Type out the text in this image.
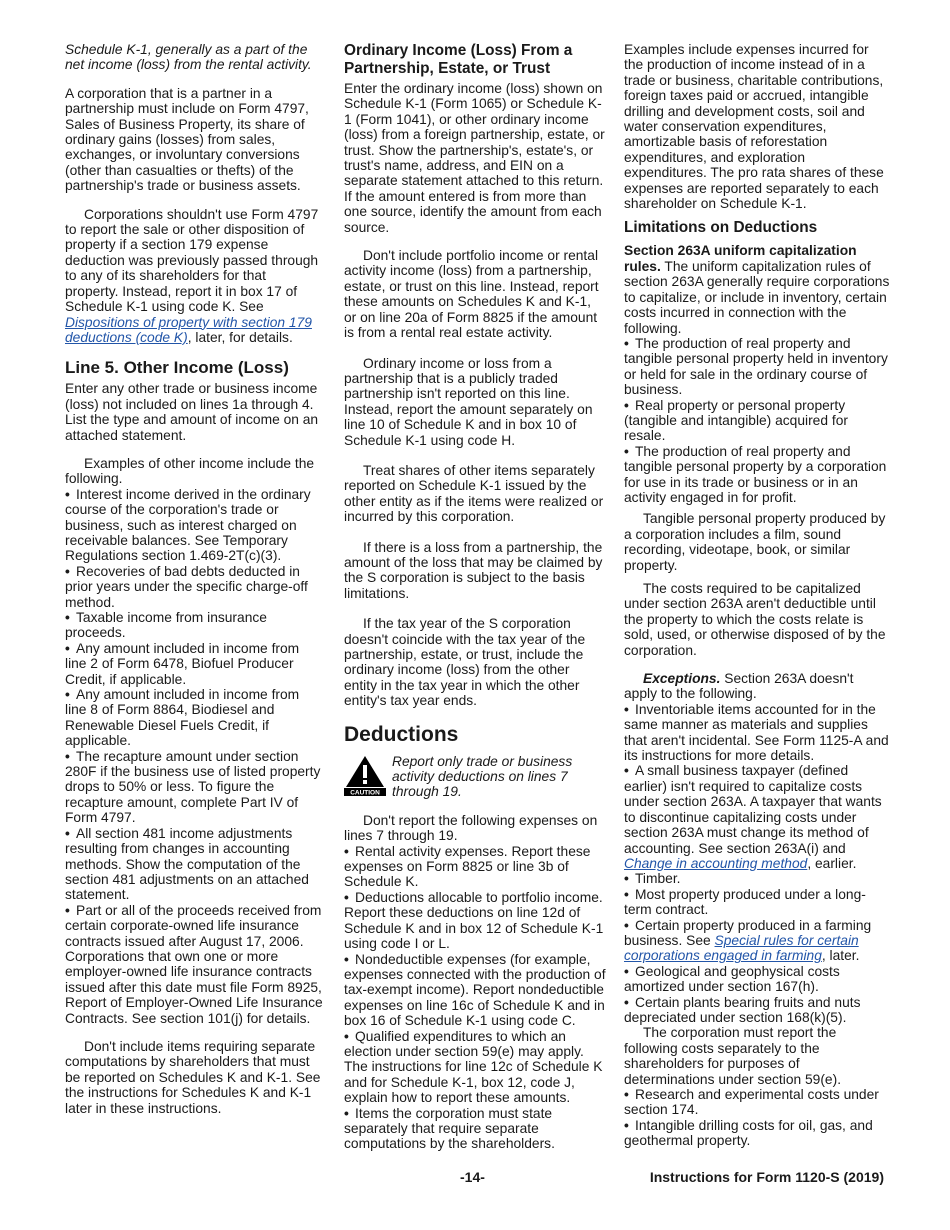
Schedule K-1, generally as a part of the net income (loss) from the rental activity.

A corporation that is a partner in a partnership must include on Form 4797, Sales of Business Property, its share of ordinary gains (losses) from sales, exchanges, or involuntary conversions (other than casualties or thefts) of the partnership's trade or business assets.

Corporations shouldn't use Form 4797 to report the sale or other disposition of property if a section 179 expense deduction was previously passed through to any of its shareholders for that property. Instead, report it in box 17 of Schedule K-1 using code K. See Dispositions of property with section 179 deductions (code K), later, for details.

Line 5. Other Income (Loss)

Enter any other trade or business income (loss) not included on lines 1a through 4. List the type and amount of income on an attached statement.

Examples of other income include the following.

• Interest income derived in the ordinary course of the corporation's trade or business, such as interest charged on receivable balances. See Temporary Regulations section 1.469-2T(c)(3).

• Recoveries of bad debts deducted in prior years under the specific charge-off method.

• Taxable income from insurance proceeds.

• Any amount included in income from line 2 of Form 6478, Biofuel Producer Credit, if applicable.

• Any amount included in income from line 8 of Form 8864, Biodiesel and Renewable Diesel Fuels Credit, if applicable.

• The recapture amount under section 280F if the business use of listed property drops to 50% or less. To figure the recapture amount, complete Part IV of Form 4797.

• All section 481 income adjustments resulting from changes in accounting methods. Show the computation of the section 481 adjustments on an attached statement.

• Part or all of the proceeds received from certain corporate-owned life insurance contracts issued after August 17, 2006. Corporations that own one or more employer-owned life insurance contracts issued after this date must file Form 8925, Report of Employer-Owned Life Insurance Contracts. See section 101(j) for details.

Don't include items requiring separate computations by shareholders that must be reported on Schedules K and K-1. See the instructions for Schedules K and K-1 later in these instructions.

Ordinary Income (Loss) From a Partnership, Estate, or Trust

Enter the ordinary income (loss) shown on Schedule K-1 (Form 1065) or Schedule K-1 (Form 1041), or other ordinary income (loss) from a foreign partnership, estate, or trust. Show the partnership's, estate's, or trust's name, address, and EIN on a separate statement attached to this return. If the amount entered is from more than one source, identify the amount from each source.

Don't include portfolio income or rental activity income (loss) from a partnership, estate, or trust on this line. Instead, report these amounts on Schedules K and K-1, or on line 20a of Form 8825 if the amount is from a rental real estate activity.

Ordinary income or loss from a partnership that is a publicly traded partnership isn't reported on this line. Instead, report the amount separately on line 10 of Schedule K and in box 10 of Schedule K-1 using code H.

Treat shares of other items separately reported on Schedule K-1 issued by the other entity as if the items were realized or incurred by this corporation.

If there is a loss from a partnership, the amount of the loss that may be claimed by the S corporation is subject to the basis limitations.

If the tax year of the S corporation doesn't coincide with the tax year of the partnership, estate, or trust, include the ordinary income (loss) from the other entity in the tax year in which the other entity's tax year ends.

Deductions
CAUTION
Report only trade or business activity deductions on lines 7 through 19.

Don't report the following expenses on lines 7 through 19.

• Rental activity expenses. Report these expenses on Form 8825 or line 3b of Schedule K.

• Deductions allocable to portfolio income. Report these deductions on line 12d of Schedule K and in box 12 of Schedule K-1 using code I or L.

• Nondeductible expenses (for example, expenses connected with the production of tax-exempt income). Report nondeductible expenses on line 16c of Schedule K and in box 16 of Schedule K-1 using code C.

• Qualified expenditures to which an election under section 59(e) may apply. The instructions for line 12c of Schedule K and for Schedule K-1, box 12, code J, explain how to report these amounts.

• Items the corporation must state separately that require separate computations by the shareholders.

Examples include expenses incurred for the production of income instead of in a trade or business, charitable contributions, foreign taxes paid or accrued, intangible drilling and development costs, soil and water conservation expenditures, amortizable basis of reforestation expenditures, and exploration expenditures. The pro rata shares of these expenses are reported separately to each shareholder on Schedule K-1.

Limitations on Deductions

Section 263A uniform capitalization rules. The uniform capitalization rules of section 263A generally require corporations to capitalize, or include in inventory, certain costs incurred in connection with the following.

• The production of real property and tangible personal property held in inventory or held for sale in the ordinary course of business.

• Real property or personal property (tangible and intangible) acquired for resale.

• The production of real property and tangible personal property by a corporation for use in its trade or business or in an activity engaged in for profit.

Tangible personal property produced by a corporation includes a film, sound recording, videotape, book, or similar property.

The costs required to be capitalized under section 263A aren't deductible until the property to which the costs relate is sold, used, or otherwise disposed of by the corporation.

Exceptions. Section 263A doesn't apply to the following.

• Inventoriable items accounted for in the same manner as materials and supplies that aren't incidental. See Form 1125-A and its instructions for more details.

• A small business taxpayer (defined earlier) isn't required to capitalize costs under section 263A. A taxpayer that wants to discontinue capitalizing costs under section 263A must change its method of accounting. See section 263A(i) and Change in accounting method, earlier.

• Timber.

• Most property produced under a long-term contract.

• Certain property produced in a farming business. See Special rules for certain corporations engaged in farming, later.

• Geological and geophysical costs amortized under section 167(h).

• Certain plants bearing fruits and nuts depreciated under section 168(k)(5).

The corporation must report the following costs separately to the shareholders for purposes of determinations under section 59(e).

• Research and experimental costs under section 174.

• Intangible drilling costs for oil, gas, and geothermal property.

-14-	Instructions for Form 1120-S (2019)
